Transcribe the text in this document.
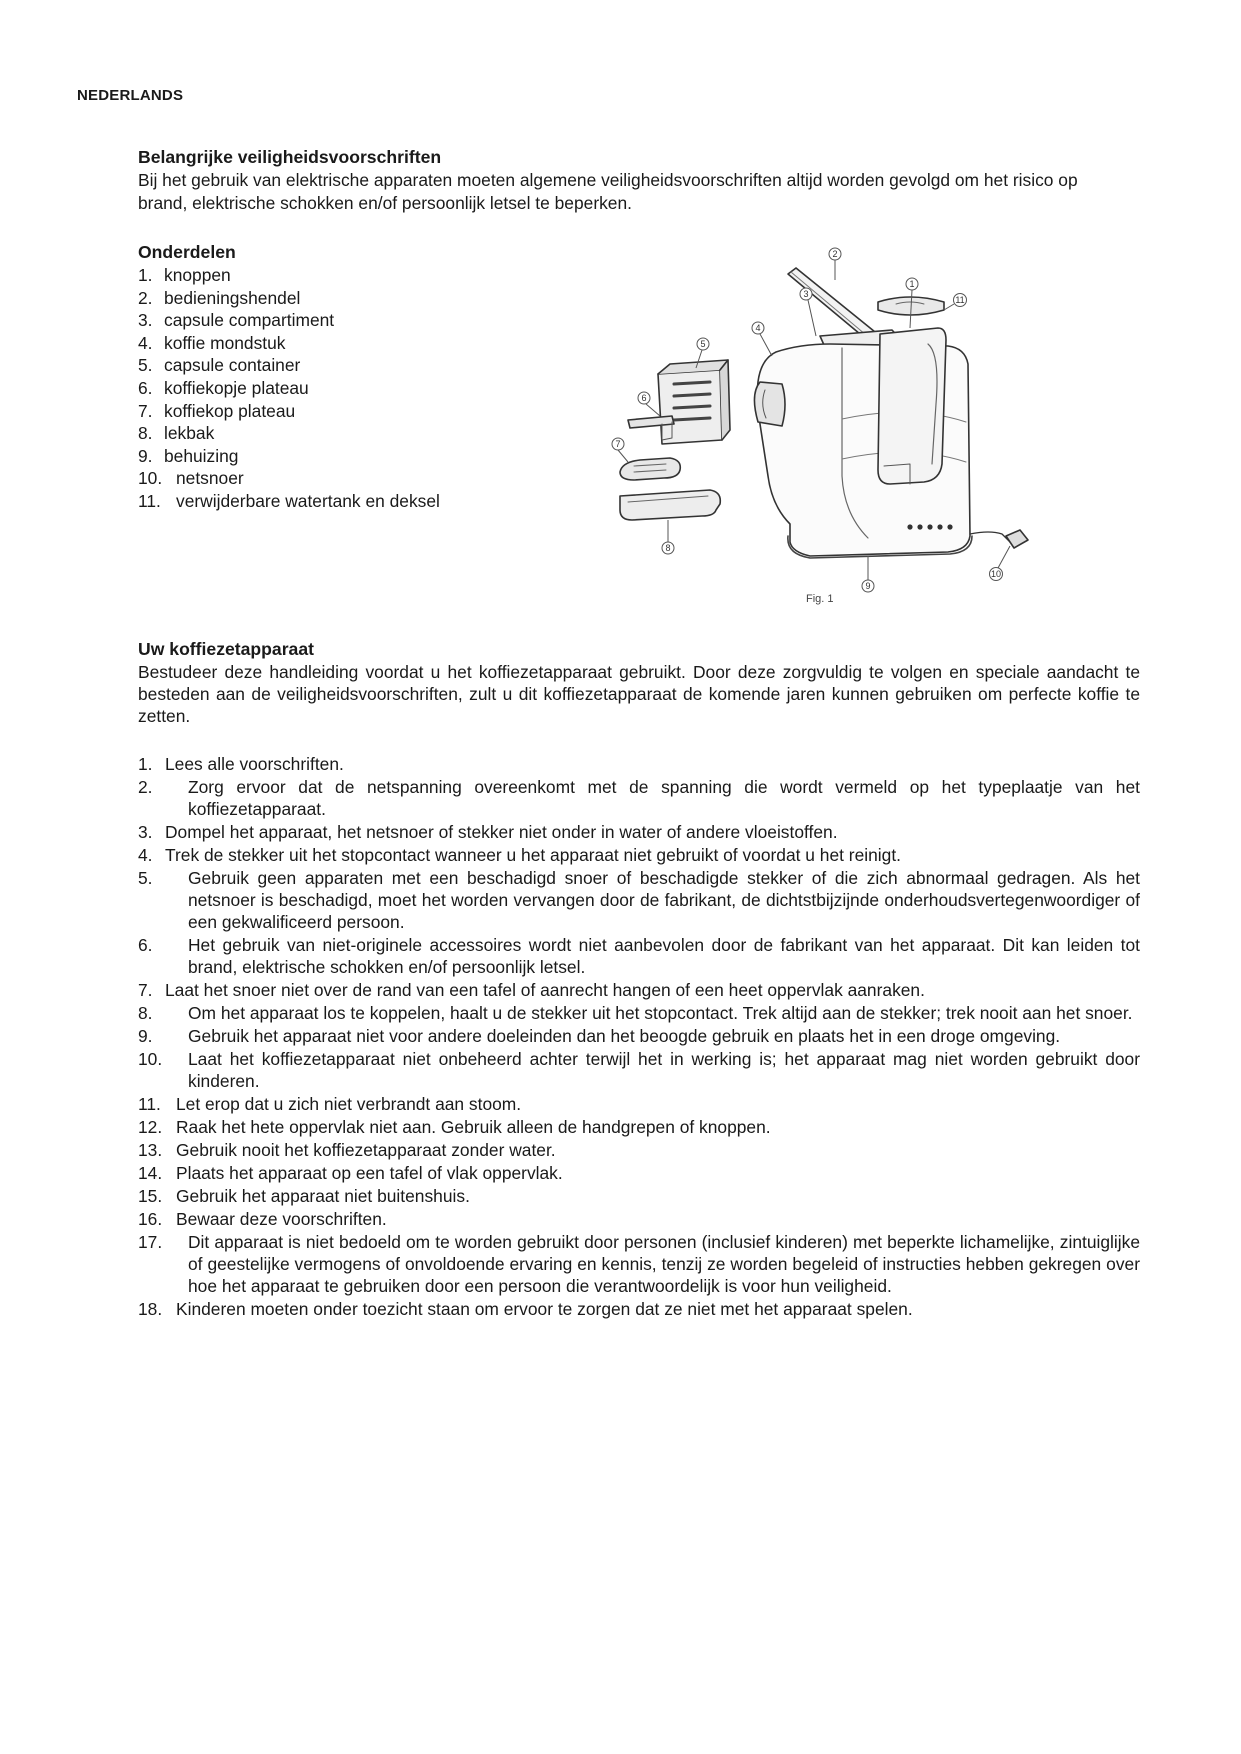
NEDERLANDS
Belangrijke veiligheidsvoorschriften

Bij het gebruik van elektrische apparaten moeten algemene veiligheidsvoorschriften altijd worden gevolgd om het risico op brand, elektrische schokken en/of persoonlijk letsel te beperken.

Onderdelen
1. knoppen
2. bedieningshendel
3. capsule compartiment
4. koffie mondstuk
5. capsule container
6. koffiekopje plateau
7. koffiekop plateau
8. lekbak
9. behuizing
10. netsnoer
11. verwijderbare watertank en deksel
2
3
1
11
4
5
6
7
8
9
10
Fig. 1
Uw koffiezetapparaat

Bestudeer deze handleiding voordat u het koffiezetapparaat gebruikt. Door deze zorgvuldig te volgen en speciale aandacht te besteden aan de veiligheidsvoorschriften, zult u dit koffiezetapparaat de komende jaren kunnen gebruiken om perfecte koffie te zetten.

1. Lees alle voorschriften.
2.	Zorg ervoor dat de netspanning overeenkomt met de spanning die wordt vermeld op het typeplaatje van het koffiezetapparaat.
3. Dompel het apparaat, het netsnoer of stekker niet onder in water of andere vloeistoffen.
4. Trek de stekker uit het stopcontact wanneer u het apparaat niet gebruikt of voordat u het reinigt.
5.	Gebruik geen apparaten met een beschadigd snoer of beschadigde stekker of die zich abnormaal gedragen. Als het netsnoer is beschadigd, moet het worden vervangen door de fabrikant, de dichtstbijzijnde onderhoudsvertegenwoordiger of een gekwalificeerd persoon.
6.	Het gebruik van niet-originele accessoires wordt niet aanbevolen door de fabrikant van het apparaat. Dit kan leiden tot brand, elektrische schokken en/of persoonlijk letsel.
7. Laat het snoer niet over de rand van een tafel of aanrecht hangen of een heet oppervlak aanraken.
8.	Om het apparaat los te koppelen, haalt u de stekker uit het stopcontact. Trek altijd aan de stekker; trek nooit aan het snoer.
9.	Gebruik het apparaat niet voor andere doeleinden dan het beoogde gebruik en plaats het in een droge omgeving.
10.	Laat het koffiezetapparaat niet onbeheerd achter terwijl het in werking is; het apparaat mag niet worden gebruikt door kinderen.
11. Let erop dat u zich niet verbrandt aan stoom.
12. Raak het hete oppervlak niet aan. Gebruik alleen de handgrepen of knoppen.
13. Gebruik nooit het koffiezetapparaat zonder water.
14. Plaats het apparaat op een tafel of vlak oppervlak.
15. Gebruik het apparaat niet buitenshuis.
16. Bewaar deze voorschriften.
17.	Dit apparaat is niet bedoeld om te worden gebruikt door personen (inclusief kinderen) met beperkte lichamelijke, zintuiglijke of geestelijke vermogens of onvoldoende ervaring en kennis, tenzij ze worden begeleid of instructies hebben gekregen over hoe het apparaat te gebruiken door een persoon die verantwoordelijk is voor hun veiligheid.
18. Kinderen moeten onder toezicht staan om ervoor te zorgen dat ze niet met het apparaat spelen.
